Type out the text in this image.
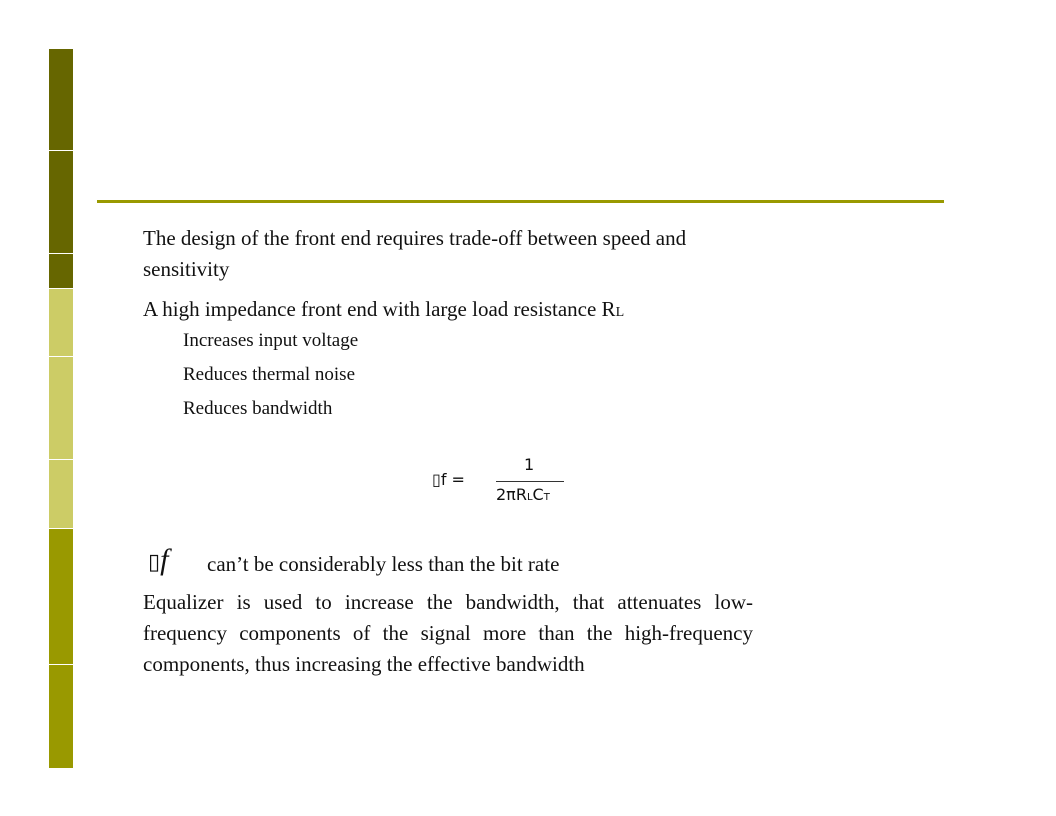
The design of the front end requires trade-off between speed and sensitivity

A high impedance front end with large load resistance RL

Increases input voltage

Reduces thermal noise

Reduces bandwidth

▯f =
1
2πRLCT
▯f can’t be considerably less than the bit rate

Equalizer is used to increase the bandwidth, that attenuates low-frequency components of the signal more than the high-frequency components, thus increasing the effective bandwidth
